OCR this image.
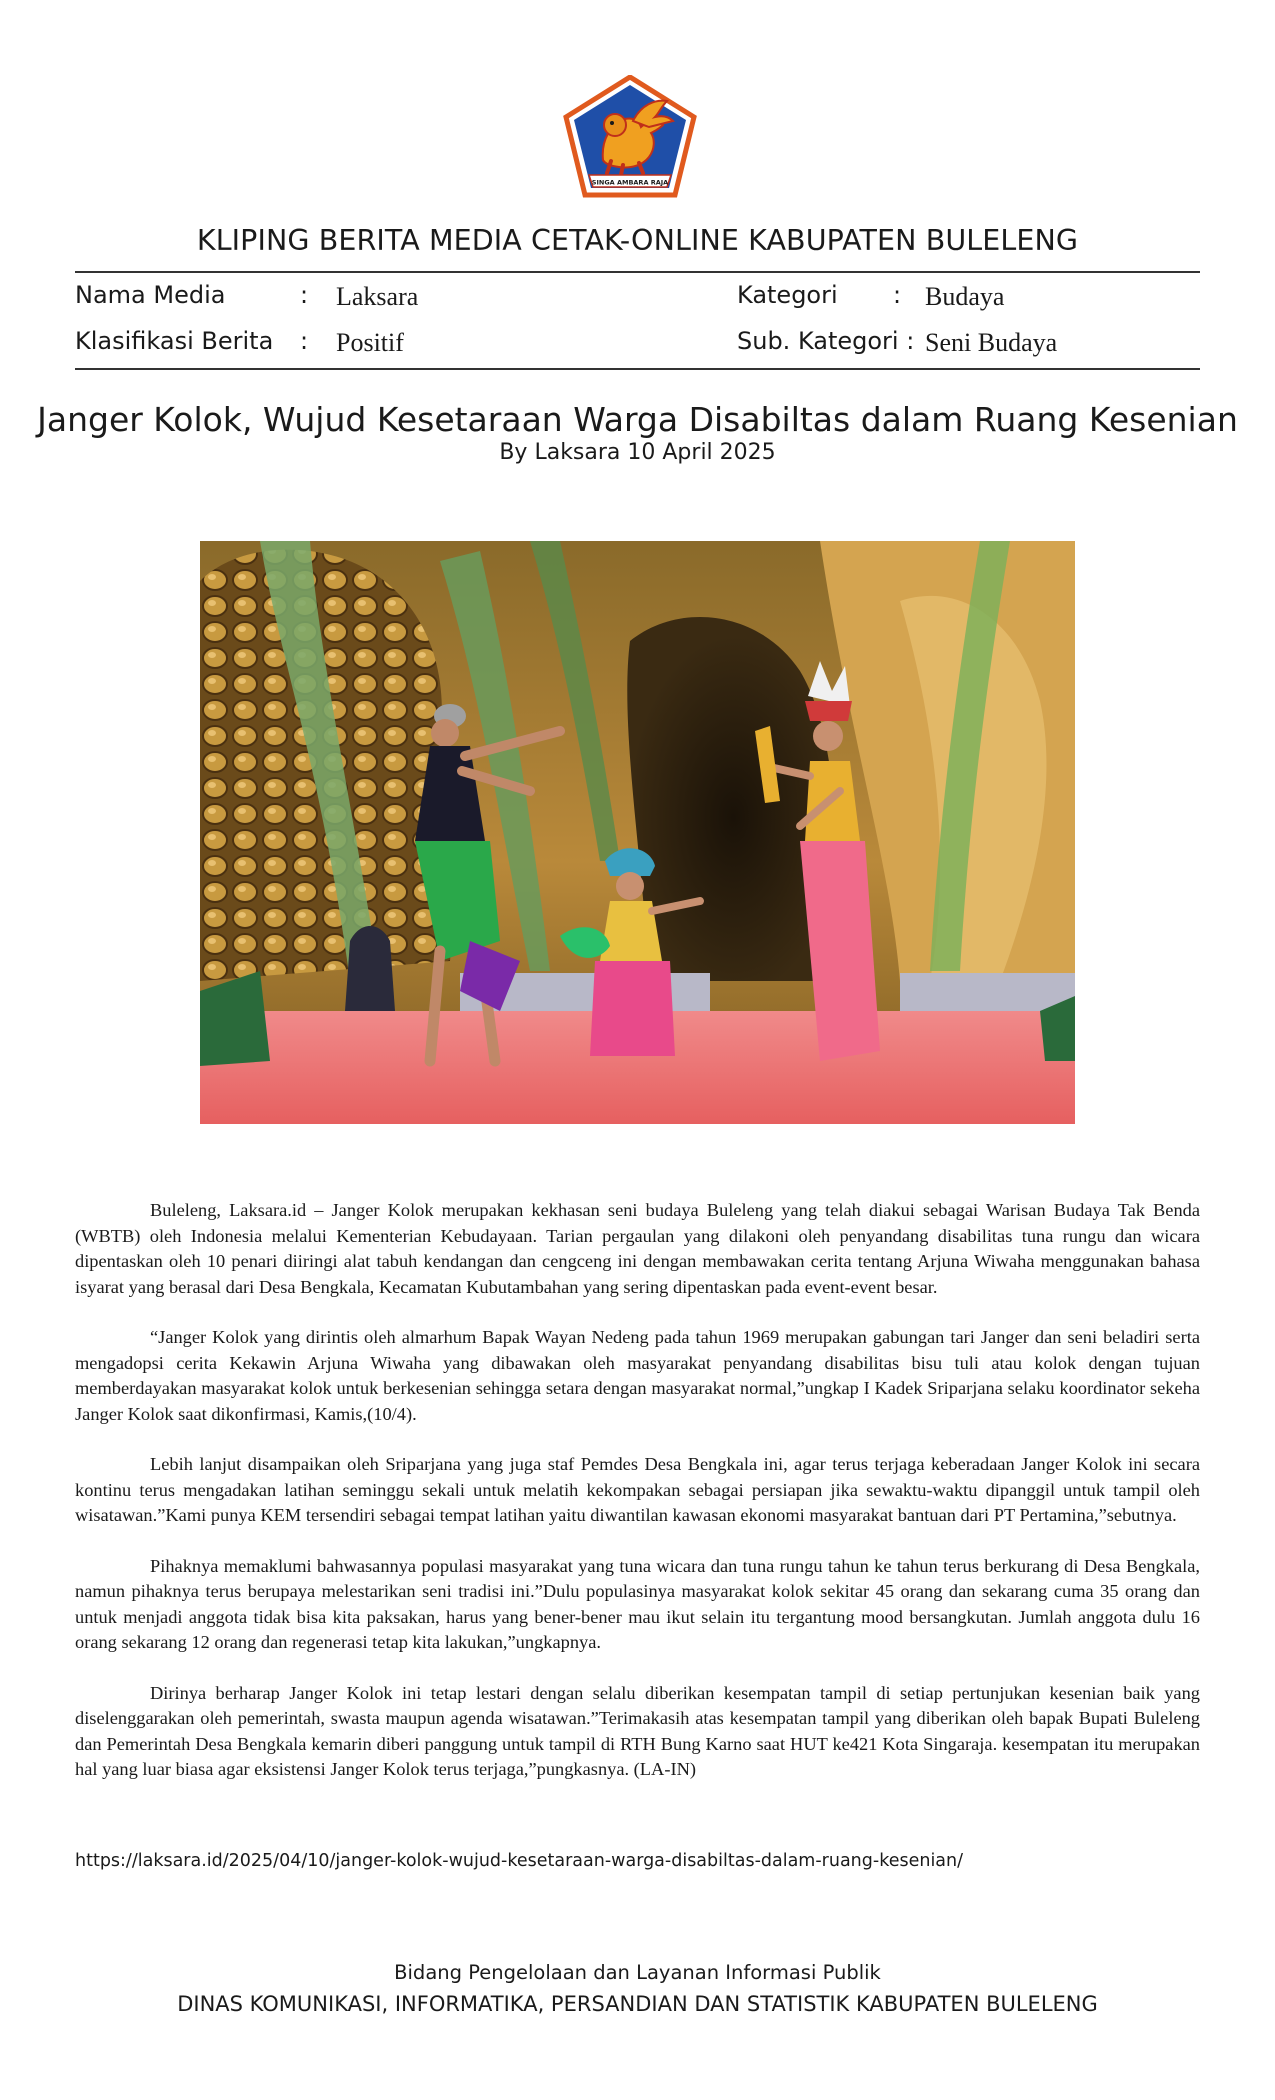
SINGA AMBARA RAJA
KLIPING BERITA MEDIA CETAK-ONLINE KABUPATEN BULELENG
Nama Media	: Laksara
Klasifikasi Berita : Positif
Kategori : Budaya
Sub. Kategori : Seni Budaya
Janger Kolok, Wujud Kesetaraan Warga Disabiltas dalam Ruang Kesenian
By Laksara 10 April 2025

Buleleng, Laksara.id – Janger Kolok merupakan kekhasan seni budaya Buleleng yang telah diakui sebagai Warisan Budaya Tak Benda (WBTB) oleh Indonesia melalui Kementerian Kebudayaan. Tarian pergaulan yang dilakoni oleh penyandang disabilitas tuna rungu dan wicara dipentaskan oleh 10 penari diiringi alat tabuh kendangan dan cengceng ini dengan membawakan cerita tentang Arjuna Wiwaha menggunakan bahasa isyarat yang berasal dari Desa Bengkala, Kecamatan Kubutambahan yang sering dipentaskan pada event-event besar.

“Janger Kolok yang dirintis oleh almarhum Bapak Wayan Nedeng pada tahun 1969 merupakan gabungan tari Janger dan seni beladiri serta mengadopsi cerita Kekawin Arjuna Wiwaha yang dibawakan oleh masyarakat penyandang disabilitas bisu tuli atau kolok dengan tujuan memberdayakan masyarakat kolok untuk berkesenian sehingga setara dengan masyarakat normal,”ungkap I Kadek Sriparjana selaku koordinator sekeha Janger Kolok saat dikonfirmasi, Kamis,(10/4).

Lebih lanjut disampaikan oleh Sriparjana yang juga staf Pemdes Desa Bengkala ini, agar terus terjaga keberadaan Janger Kolok ini secara kontinu terus mengadakan latihan seminggu sekali untuk melatih kekompakan sebagai persiapan jika sewaktu-waktu dipanggil untuk tampil oleh wisatawan.”Kami punya KEM tersendiri sebagai tempat latihan yaitu diwantilan kawasan ekonomi masyarakat bantuan dari PT Pertamina,”sebutnya.

Pihaknya memaklumi bahwasannya populasi masyarakat yang tuna wicara dan tuna rungu tahun ke tahun terus berkurang di Desa Bengkala, namun pihaknya terus berupaya melestarikan seni tradisi ini.”Dulu populasinya masyarakat kolok sekitar 45 orang dan sekarang cuma 35 orang dan untuk menjadi anggota tidak bisa kita paksakan, harus yang bener-bener mau ikut selain itu tergantung mood bersangkutan. Jumlah anggota dulu 16 orang sekarang 12 orang dan regenerasi tetap kita lakukan,”ungkapnya.

Dirinya berharap Janger Kolok ini tetap lestari dengan selalu diberikan kesempatan tampil di setiap pertunjukan kesenian baik yang diselenggarakan oleh pemerintah, swasta maupun agenda wisatawan.”Terimakasih atas kesempatan tampil yang diberikan oleh bapak Bupati Buleleng dan Pemerintah Desa Bengkala kemarin diberi panggung untuk tampil di RTH Bung Karno saat HUT ke421 Kota Singaraja. kesempatan itu merupakan hal yang luar biasa agar eksistensi Janger Kolok terus terjaga,”pungkasnya. (LA-IN)

https://laksara.id/2025/04/10/janger-kolok-wujud-kesetaraan-warga-disabiltas-dalam-ruang-kesenian/
Bidang Pengelolaan dan Layanan Informasi Publik
DINAS KOMUNIKASI, INFORMATIKA, PERSANDIAN DAN STATISTIK KABUPATEN BULELENG
